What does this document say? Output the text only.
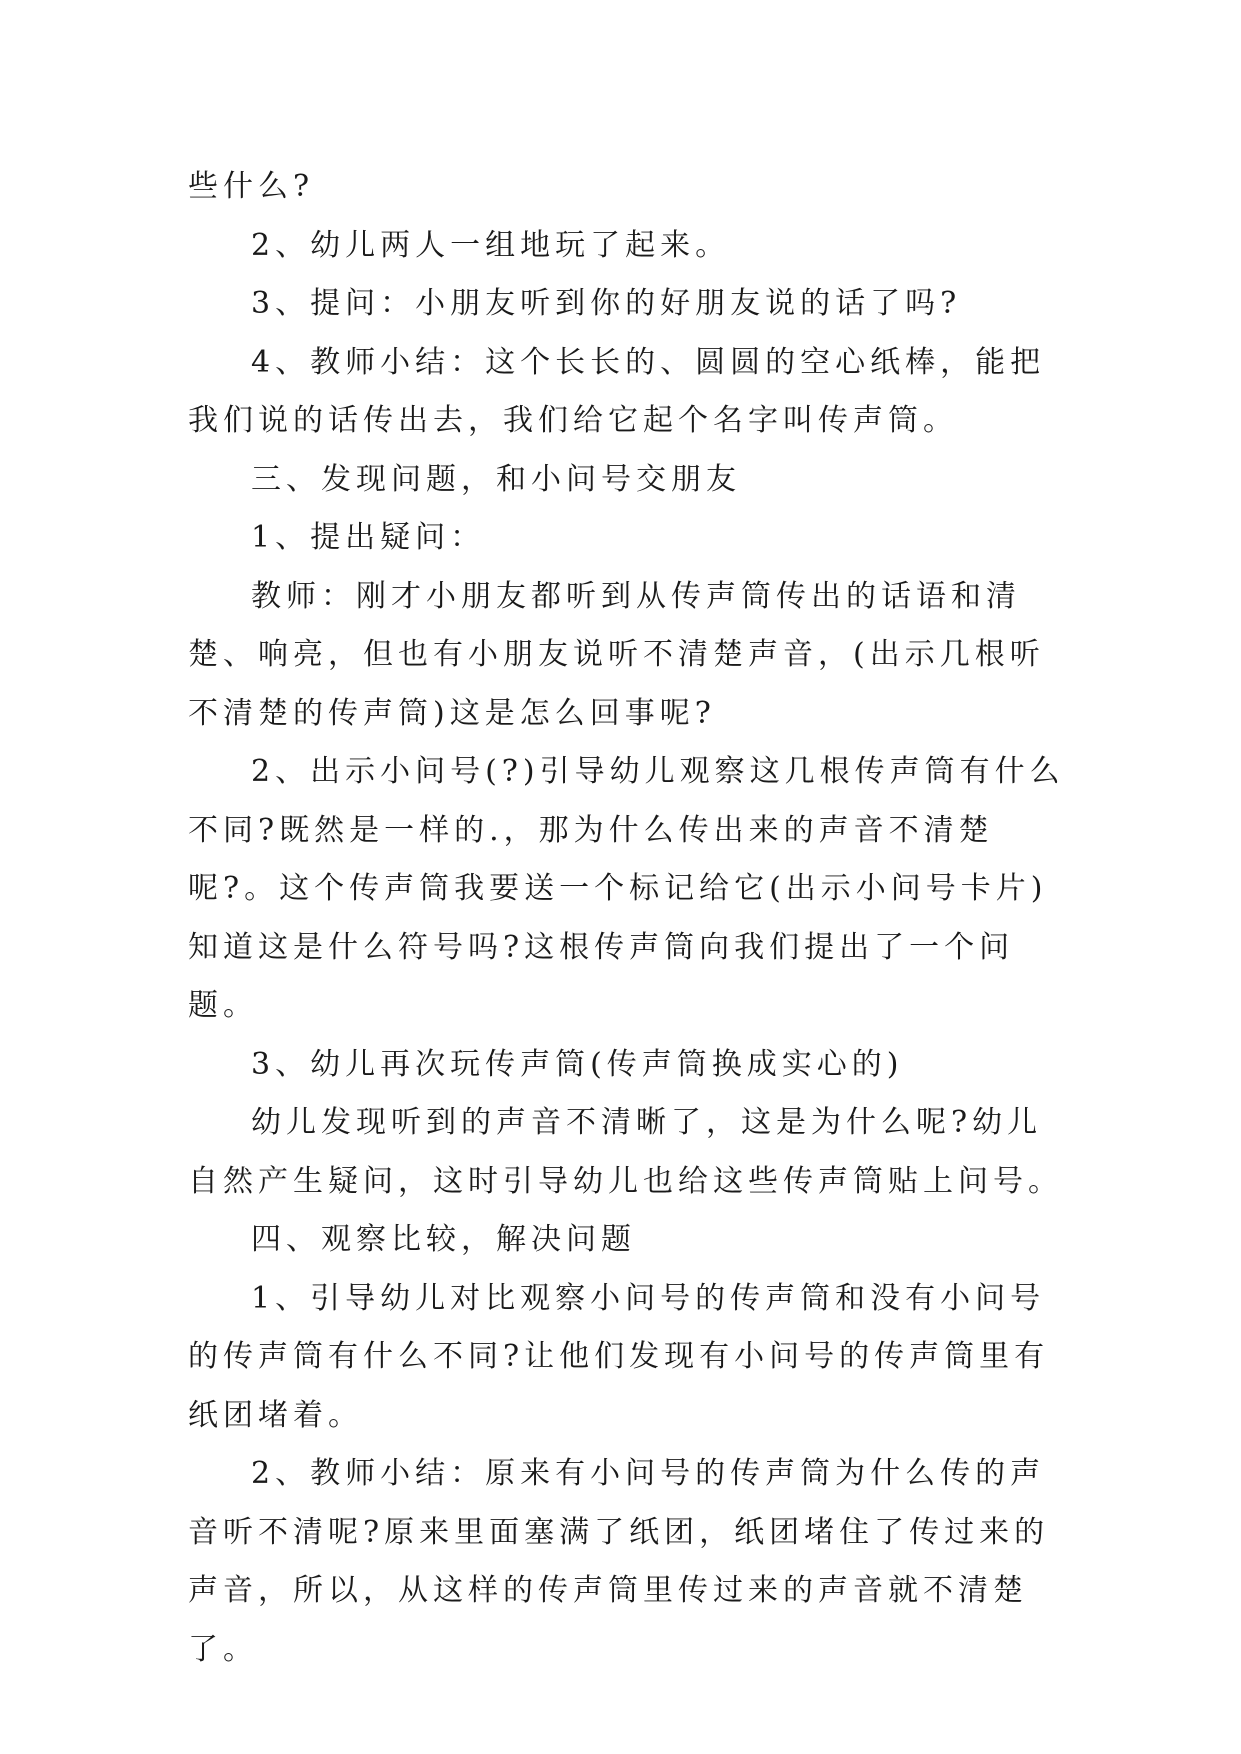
些什么?

2、幼儿两人一组地玩了起来。

3、提问：小朋友听到你的好朋友说的话了吗?

4、教师小结：这个长长的、圆圆的空心纸棒，能把我们说的话传出去，我们给它起个名字叫传声筒。

三、发现问题，和小问号交朋友

1、提出疑问：

教师：刚才小朋友都听到从传声筒传出的话语和清楚、响亮，但也有小朋友说听不清楚声音，(出示几根听不清楚的传声筒)这是怎么回事呢?

2、出示小问号(?)引导幼儿观察这几根传声筒有什么不同?既然是一样的.，那为什么传出来的声音不清楚呢?。这个传声筒我要送一个标记给它(出示小问号卡片)知道这是什么符号吗?这根传声筒向我们提出了一个问题。

3、幼儿再次玩传声筒(传声筒换成实心的)

幼儿发现听到的声音不清晰了，这是为什么呢?幼儿自然产生疑问，这时引导幼儿也给这些传声筒贴上问号。

四、观察比较，解决问题

1、引导幼儿对比观察小问号的传声筒和没有小问号的传声筒有什么不同?让他们发现有小问号的传声筒里有纸团堵着。

2、教师小结：原来有小问号的传声筒为什么传的声音听不清呢?原来里面塞满了纸团，纸团堵住了传过来的声音，所以，从这样的传声筒里传过来的声音就不清楚了。
